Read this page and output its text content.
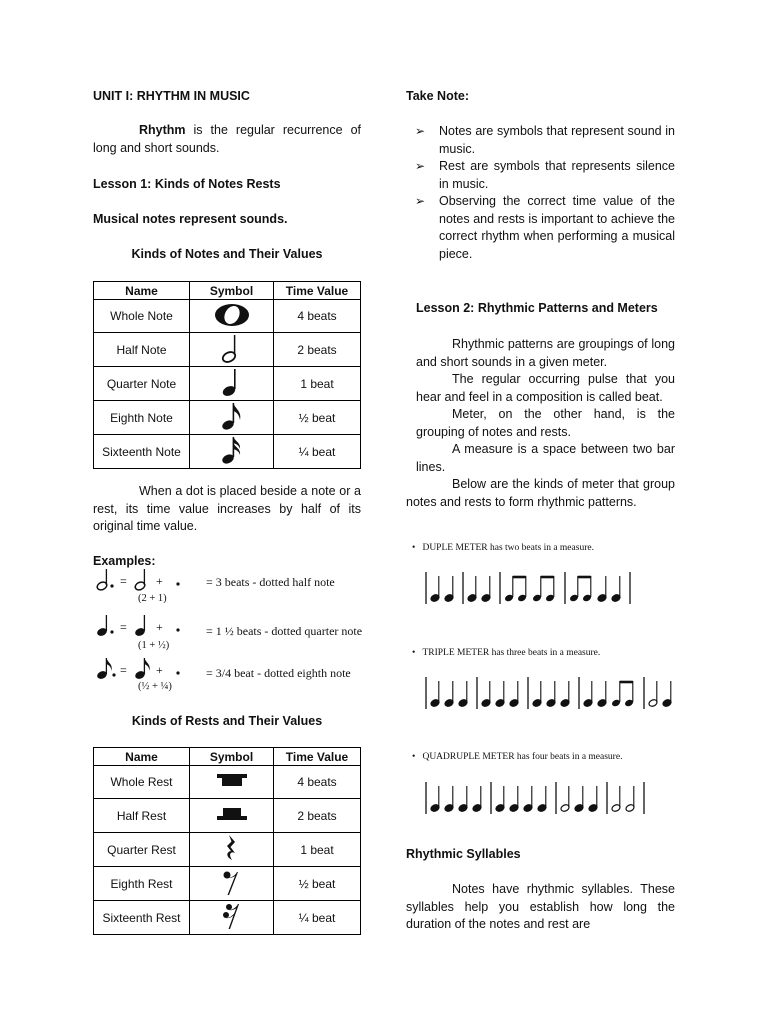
UNIT I: RHYTHM IN MUSIC
Rhythm is the regular recurrence of long and short sounds.
Lesson 1: Kinds of Notes Rests
Musical notes represent sounds.
Kinds of Notes and Their Values
Name	Symbol	Time Value
Whole Note		4 beats
Half Note		2 beats
Quarter Note		1 beat
Eighth Note		½ beat
Sixteenth Note		¼ beat
When a dot is placed beside a note or a rest, its time value increases by half of its original time value.
Examples:
= +	= 3 beats - dotted half note
(2 + 1)
= +	= 1 ½ beats - dotted quarter note
(1 + ½)
= +	= 3/4 beat - dotted eighth note
(½ + ¼)
Kinds of Rests and Their Values
Name	Symbol	Time Value
Whole Rest		4 beats
Half Rest		2 beats
Quarter Rest		1 beat
Eighth Rest		½ beat
Sixteenth Rest		¼ beat
Take Note:
➢ Notes are symbols that represent sound in music.
➢ Rest are symbols that represents silence in music.
➢ Observing the correct time value of the notes and rests is important to achieve the correct rhythm when performing a musical piece.
Lesson 2: Rhythmic Patterns and Meters
Rhythmic patterns are groupings of long and short sounds in a given meter.
The regular occurring pulse that you hear and feel in a composition is called beat.
Meter, on the other hand, is the grouping of notes and rests.
A measure is a space between two bar lines.
Below are the kinds of meter that group notes and rests to form rhythmic patterns.
•   DUPLE METER has two beats in a measure.
•   TRIPLE METER has three beats in a measure.
•   QUADRUPLE METER has four beats in a measure.
Rhythmic Syllables
Notes have rhythmic syllables. These syllables help you establish how long the duration of the notes and rest are
